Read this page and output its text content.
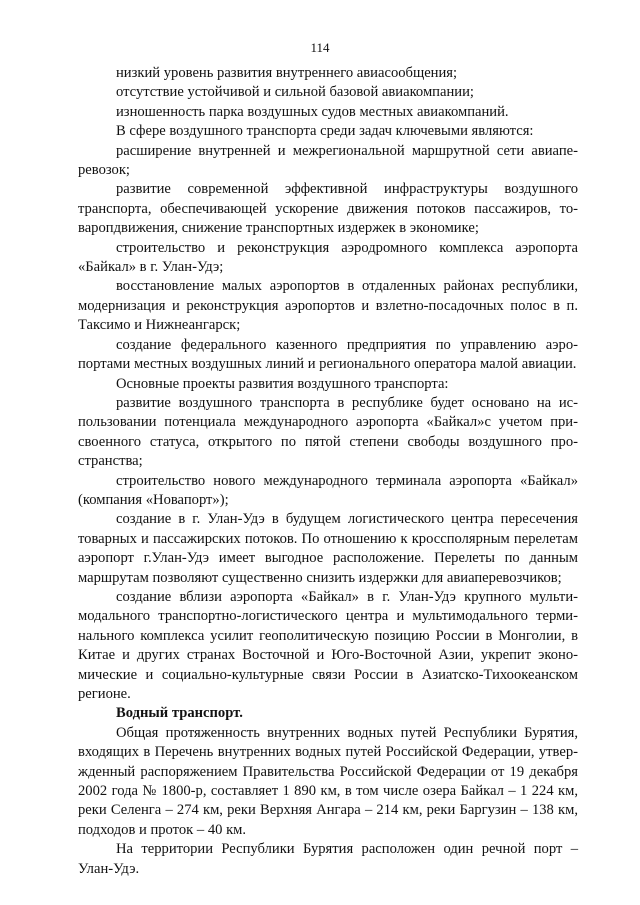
114

низкий уровень развития внутреннего авиасообщения;

отсутствие устойчивой и сильной базовой авиакомпании;

изношенность парка воздушных судов местных авиакомпаний.

В сфере воздушного транспорта среди задач ключевыми являются:

расширение внутренней и межрегиональной маршрутной сети авиаперевозок;

развитие современной эффективной инфраструктуры воздушного транспорта, обеспечивающей ускорение движения потоков пассажиров, товаропдвижения, снижение транспортных издержек в экономике;

строительство и реконструкция аэродромного комплекса аэропорта «Байкал» в г. Улан-Удэ;

восстановление малых аэропортов в отдаленных районах республики, модернизация и реконструкция аэропортов и взлетно-посадочных полос в п. Таксимо и Нижнеангарск;

создание федерального казенного предприятия по управлению аэропортами местных воздушных линий и регионального оператора малой авиации.

Основные проекты развития воздушного транспорта:

развитие воздушного транспорта в республике будет основано на использовании потенциала международного аэропорта «Байкал»с учетом присвоенного статуса, открытого по пятой степени свободы воздушного пространства;

строительство нового международного терминала аэропорта «Байкал» (компания «Новапорт»);

создание в г. Улан-Удэ в будущем логистического центра пересечения товарных и пассажирских потоков. По отношению к кроссполярным перелeтам аэропорт г.Улан-Удэ имеет выгодное расположение. Перелеты по данным маршрутам позволяют существенно снизить издержки для авиаперевозчиков;

создание вблизи аэропорта «Байкал» в г. Улан-Удэ крупного мультимодального транспортно-логистического центра и мультимодального терминального комплекса усилит геополитическую позицию России в Монголии, в Китае и других странах Восточной и Юго-Восточной Азии, укрепит экономические и социально-культурные связи России в Азиатско-Тихоокеанском регионе.

Водный транспорт.

Общая протяженность внутренних водных путей Республики Бурятия, входящих в Перечень внутренних водных путей Российской Федерации, утвержденный распоряжением Правительства Российской Федерации от 19 декабря 2002 года № 1800-р, составляет 1 890 км, в том числе озера Байкал – 1 224 км, реки Селенга – 274 км, реки Верхняя Ангара – 214 км, реки Баргузин – 138 км, подходов и проток – 40 км.

На территории Республики Бурятия расположен один речной порт – Улан-Удэ.
